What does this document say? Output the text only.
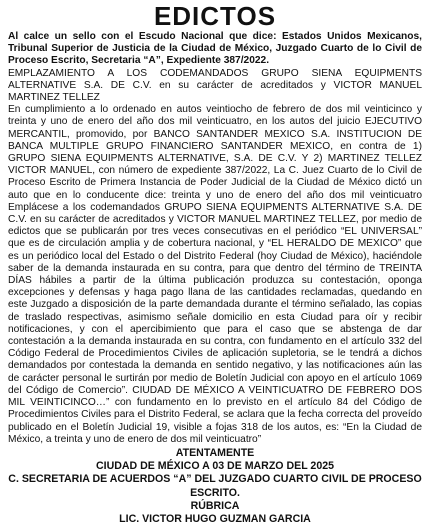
EDICTOS

Al calce un sello con el Escudo Nacional que dice: Estados Unidos Mexicanos, Tribunal Superior de Justicia de la Ciudad de México, Juzgado Cuarto de lo Civil de Proceso Escrito, Secretaria “A”, Expediente 387/2022.

EMPLAZAMIENTO A LOS CODEMANDADOS GRUPO SIENA EQUIPMENTS ALTERNATIVE S.A. DE C.V. en su carácter de acreditados y VICTOR MANUEL MARTINEZ TELLEZ

En cumplimiento a lo ordenado en autos veintiocho de febrero de dos mil veinticinco y treinta y uno de enero del año dos mil veinticuatro, en los autos del juicio EJECUTIVO MERCANTIL, promovido, por BANCO SANTANDER MEXICO S.A. INSTITUCION DE BANCA MULTIPLE GRUPO FINANCIERO SANTANDER MEXICO, en contra de 1) GRUPO SIENA EQUIPMENTS ALTERNATIVE, S.A. DE C.V. Y 2) MARTINEZ TELLEZ VICTOR MANUEL, con número de expediente 387/2022, La C. Juez Cuarto de lo Civil de Proceso Escrito de Primera Instancia de Poder Judicial de la Ciudad de México dictó un auto que en lo conducente dice: treinta y uno de enero del año dos mil veinticuatro Emplácese a los codemandados GRUPO SIENA EQUIPMENTS ALTERNATIVE S.A. DE C.V. en su carácter de acreditados y VICTOR MANUEL MARTINEZ TELLEZ, por medio de edictos que se publicarán por tres veces consecutivas en el periódico “EL UNIVERSAL” que es de circulación amplia y de cobertura nacional, y “EL HERALDO DE MEXICO” que es un periódico local del Estado o del Distrito Federal (hoy Ciudad de México), haciéndole saber de la demanda instaurada en su contra, para que dentro del término de TREINTA DÍAS hábiles a partir de la última publicación produzca su contestación, oponga excepciones y defensas y haga pago llana de las cantidades reclamadas, quedando en este Juzgado a disposición de la parte demandada durante el término señalado, las copias de traslado respectivas, asimismo señale domicilio en esta Ciudad para oír y recibir notificaciones, y con el apercibimiento que para el caso que se abstenga de dar contestación a la demanda instaurada en su contra, con fundamento en el artículo 332 del Código Federal de Procedimientos Civiles de aplicación supletoria, se le tendrá a dichos demandados por contestada la demanda en sentido negativo, y las notificaciones aún las de carácter personal le surtirán por medio de Boletín Judicial con apoyo en el artículo 1069 del Código de Comercio”. CIUDAD DE MÉXICO A VEINTICUATRO DE FEBRERO DOS MIL VEINTICINCO…” con fundamento en lo previsto en el artículo 84 del Código de Procedimientos Civiles para el Distrito Federal, se aclara que la fecha correcta del proveído publicado en el Boletín Judicial 19, visible a fojas 318 de los autos, es: “En la Ciudad de México, a treinta y uno de enero de dos mil veinticuatro”

ATENTAMENTE
CIUDAD DE MÉXICO A 03 DE MARZO DEL 2025
C. SECRETARIA DE ACUERDOS “A” DEL JUZGADO CUARTO CIVIL DE PROCESO ESCRITO.
RÚBRICA
LIC. VICTOR HUGO GUZMAN GARCIA
